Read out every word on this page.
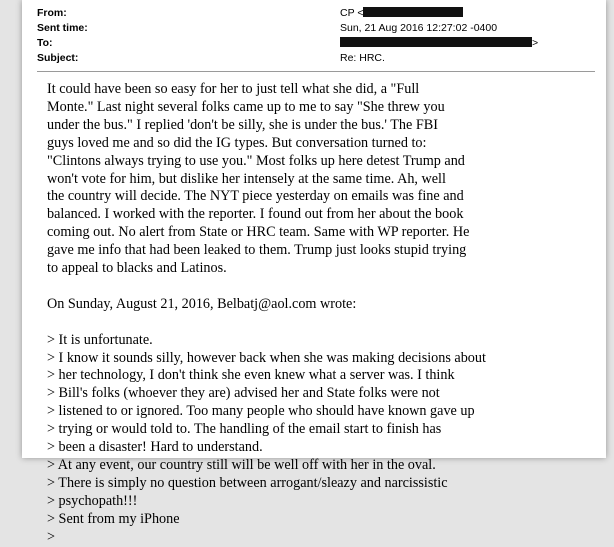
From:	CP <
Sent time:	Sun, 21 Aug 2016 12:27:02 -0400
To:	>
Subject:	Re: HRC.
It could have been so easy for her to just tell what she did, a "Full
Monte." Last night several folks came up to me to say "She threw you
under the bus." I replied 'don't be silly, she is under the bus.' The FBI
guys loved me and so did the IG types. But conversation turned to:
"Clintons always trying to use you." Most folks up here detest Trump and
won't vote for him, but dislike her intensely at the same time. Ah, well
the country will decide. The NYT piece yesterday on emails was fine and
balanced. I worked with the reporter. I found out from her about the book
coming out. No alert from State or HRC team. Same with WP reporter. He
gave me info that had been leaked to them. Trump just looks stupid trying
to appeal to blacks and Latinos.
On Sunday, August 21, 2016, Belbatj@aol.com wrote:
> It is unfortunate.
> I know it sounds silly, however back when she was making decisions about
> her technology, I don't think she even knew what a server was. I think
> Bill's folks (whoever they are) advised her and State folks were not
> listened to or ignored. Too many people who should have known gave up
> trying or would told to. The handling of the email start to finish has
> been a disaster! Hard to understand.
> At any event, our country still will be well off with her in the oval.
> There is simply no question between arrogant/sleazy and narcissistic
> psychopath!!!
> Sent from my iPhone
>
